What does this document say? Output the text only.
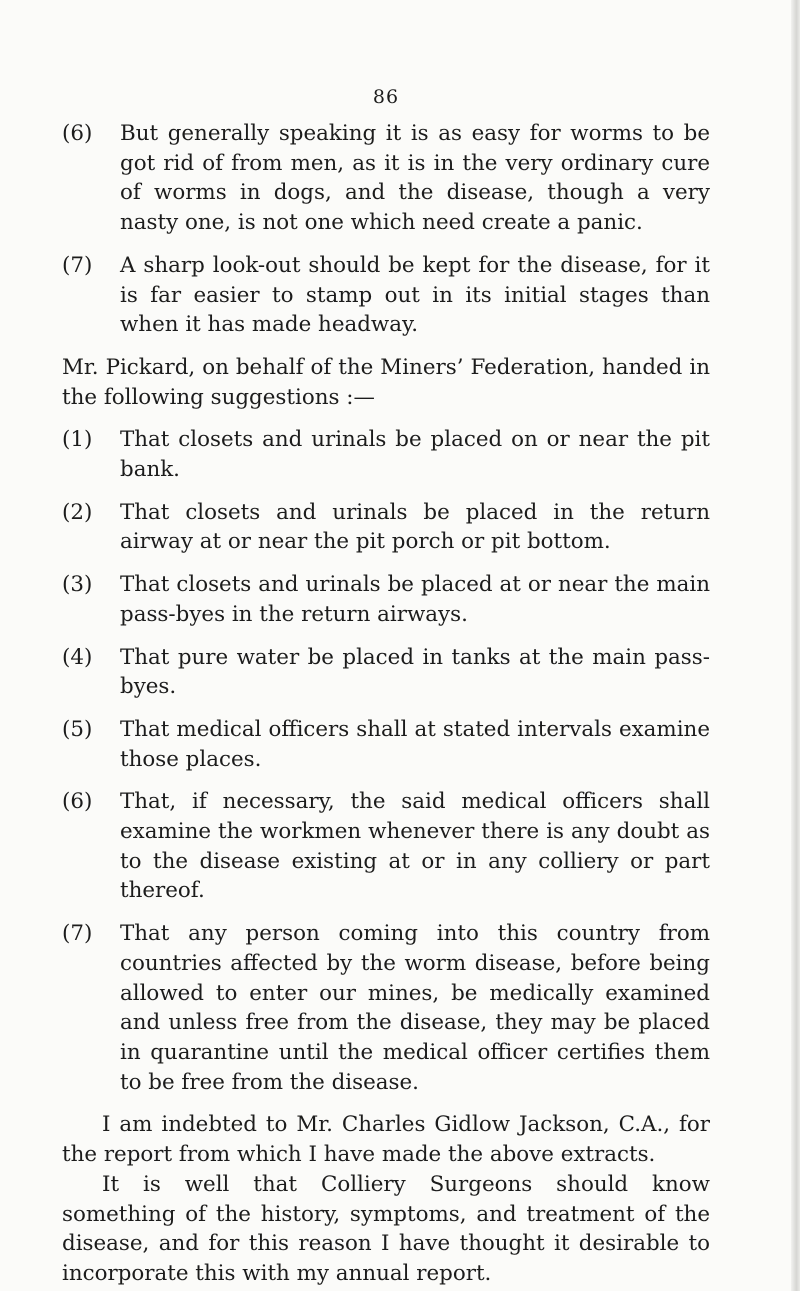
86
(6)	But generally speaking it is as easy for worms to be got rid of from men, as it is in the very ordinary cure of worms in dogs, and the disease, though a very nasty one, is not one which need create a panic.
(7)	A sharp look-out should be kept for the disease, for it is far easier to stamp out in its initial stages than when it has made headway.

Mr. Pickard, on behalf of the Miners’ Federation, handed in the following suggestions :—

(1)	That closets and urinals be placed on or near the pit bank.
(2)	That closets and urinals be placed in the return airway at or near the pit porch or pit bottom.
(3)	That closets and urinals be placed at or near the main pass-byes in the return airways.
(4)	That pure water be placed in tanks at the main pass-byes.
(5)	That medical officers shall at stated intervals examine those places.
(6)	That, if necessary, the said medical officers shall examine the workmen whenever there is any doubt as to the disease existing at or in any colliery or part thereof.
(7)	That any person coming into this country from countries affected by the worm disease, before being allowed to enter our mines, be medically examined and unless free from the disease, they may be placed in quarantine until the medical officer certifies them to be free from the disease.

I am indebted to Mr. Charles Gidlow Jackson, C.A., for the report from which I have made the above extracts.

It is well that Colliery Surgeons should know something of the history, symptoms, and treatment of the disease, and for this reason I have thought it desirable to incorporate this with my annual report.
